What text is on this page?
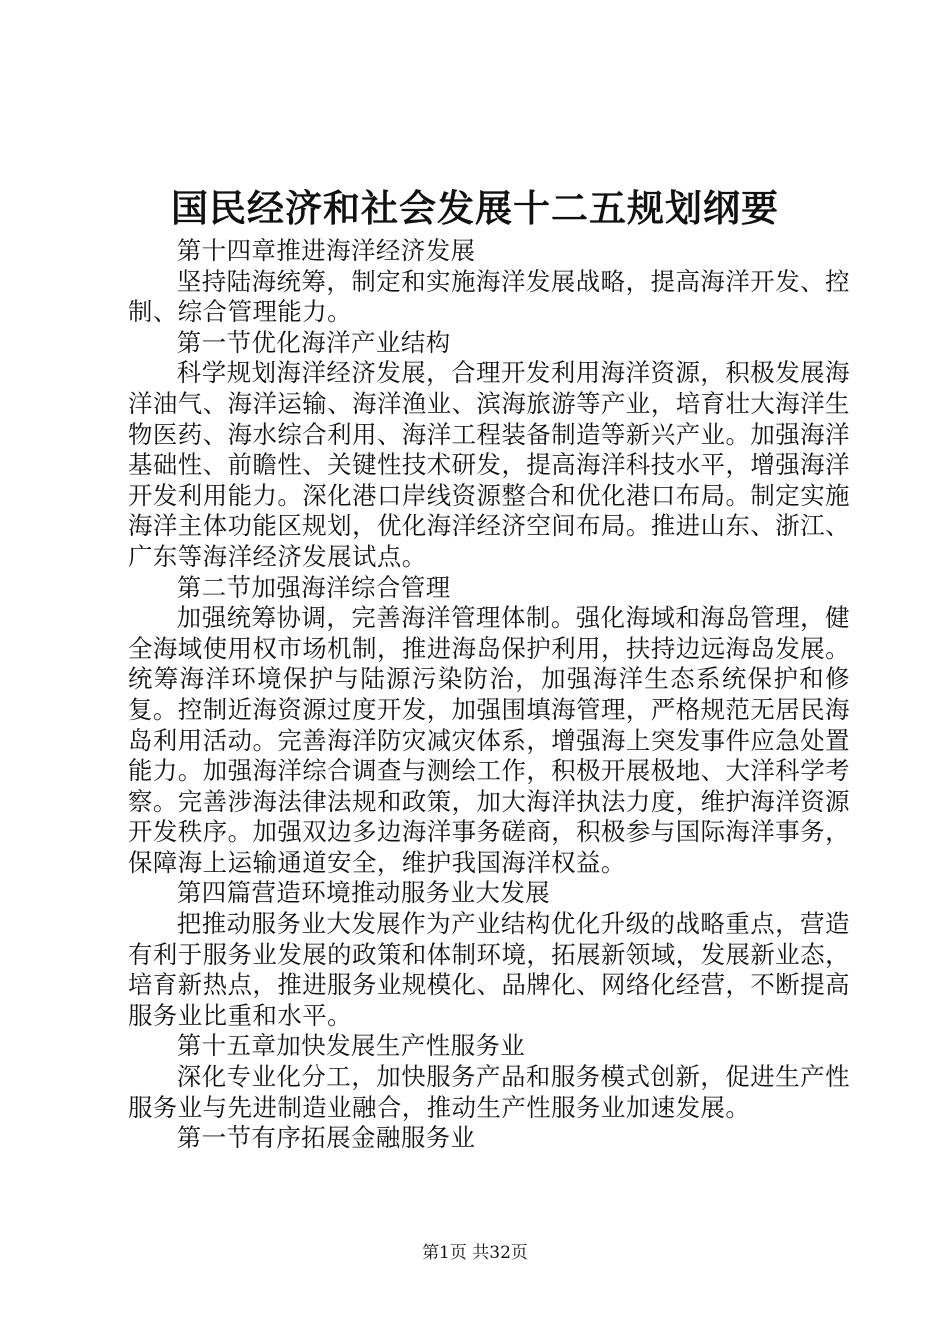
国民经济和社会发展十二五规划纲要

第十四章推进海洋经济发展

坚持陆海统筹，制定和实施海洋发展战略，提高海洋开发、控制、综合管理能力。

第一节优化海洋产业结构

科学规划海洋经济发展，合理开发利用海洋资源，积极发展海洋油气、海洋运输、海洋渔业、滨海旅游等产业，培育壮大海洋生物医药、海水综合利用、海洋工程装备制造等新兴产业。加强海洋基础性、前瞻性、关键性技术研发，提高海洋科技水平，增强海洋开发利用能力。深化港口岸线资源整合和优化港口布局。制定实施海洋主体功能区规划，优化海洋经济空间布局。推进山东、浙江、广东等海洋经济发展试点。

第二节加强海洋综合管理

加强统筹协调，完善海洋管理体制。强化海域和海岛管理，健全海域使用权市场机制，推进海岛保护利用，扶持边远海岛发展。统筹海洋环境保护与陆源污染防治，加强海洋生态系统保护和修复。控制近海资源过度开发，加强围填海管理，严格规范无居民海岛利用活动。完善海洋防灾减灾体系，增强海上突发事件应急处置能力。加强海洋综合调查与测绘工作，积极开展极地、大洋科学考察。完善涉海法律法规和政策，加大海洋执法力度，维护海洋资源开发秩序。加强双边多边海洋事务磋商，积极参与国际海洋事务，保障海上运输通道安全，维护我国海洋权益。

第四篇营造环境推动服务业大发展

把推动服务业大发展作为产业结构优化升级的战略重点，营造有利于服务业发展的政策和体制环境，拓展新领域，发展新业态，培育新热点，推进服务业规模化、品牌化、网络化经营，不断提高服务业比重和水平。

第十五章加快发展生产性服务业

深化专业化分工，加快服务产品和服务模式创新，促进生产性服务业与先进制造业融合，推动生产性服务业加速发展。

第一节有序拓展金融服务业

第1页 共32页
